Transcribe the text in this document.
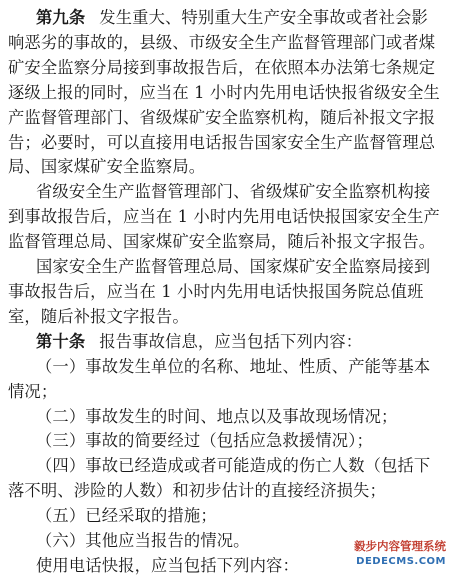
第九条 发生重大、特别重大生产安全事故或者社会影
响恶劣的事故的，县级、市级安全生产监督管理部门或者煤
矿安全监察分局接到事故报告后，在依照本办法第七条规定
逐级上报的同时，应当在 1 小时内先用电话快报省级安全生
产监督管理部门、省级煤矿安全监察机构，随后补报文字报
告；必要时，可以直接用电话报告国家安全生产监督管理总
局、国家煤矿安全监察局。
省级安全生产监督管理部门、省级煤矿安全监察机构接
到事故报告后，应当在 1 小时内先用电话快报国家安全生产
监督管理总局、国家煤矿安全监察局，随后补报文字报告。
国家安全生产监督管理总局、国家煤矿安全监察局接到
事故报告后，应当在 1 小时内先用电话快报国务院总值班
室，随后补报文字报告。
第十条 报告事故信息，应当包括下列内容：
（一）事故发生单位的名称、地址、性质、产能等基本
情况；
（二）事故发生的时间、地点以及事故现场情况；
（三）事故的简要经过（包括应急救援情况）；
（四）事故已经造成或者可能造成的伤亡人数（包括下
落不明、涉险的人数）和初步估计的直接经济损失；
（五）已经采取的措施；
（六）其他应当报告的情况。
使用电话快报，应当包括下列内容：
毅步内容管理系统
DEDECMS.COM
